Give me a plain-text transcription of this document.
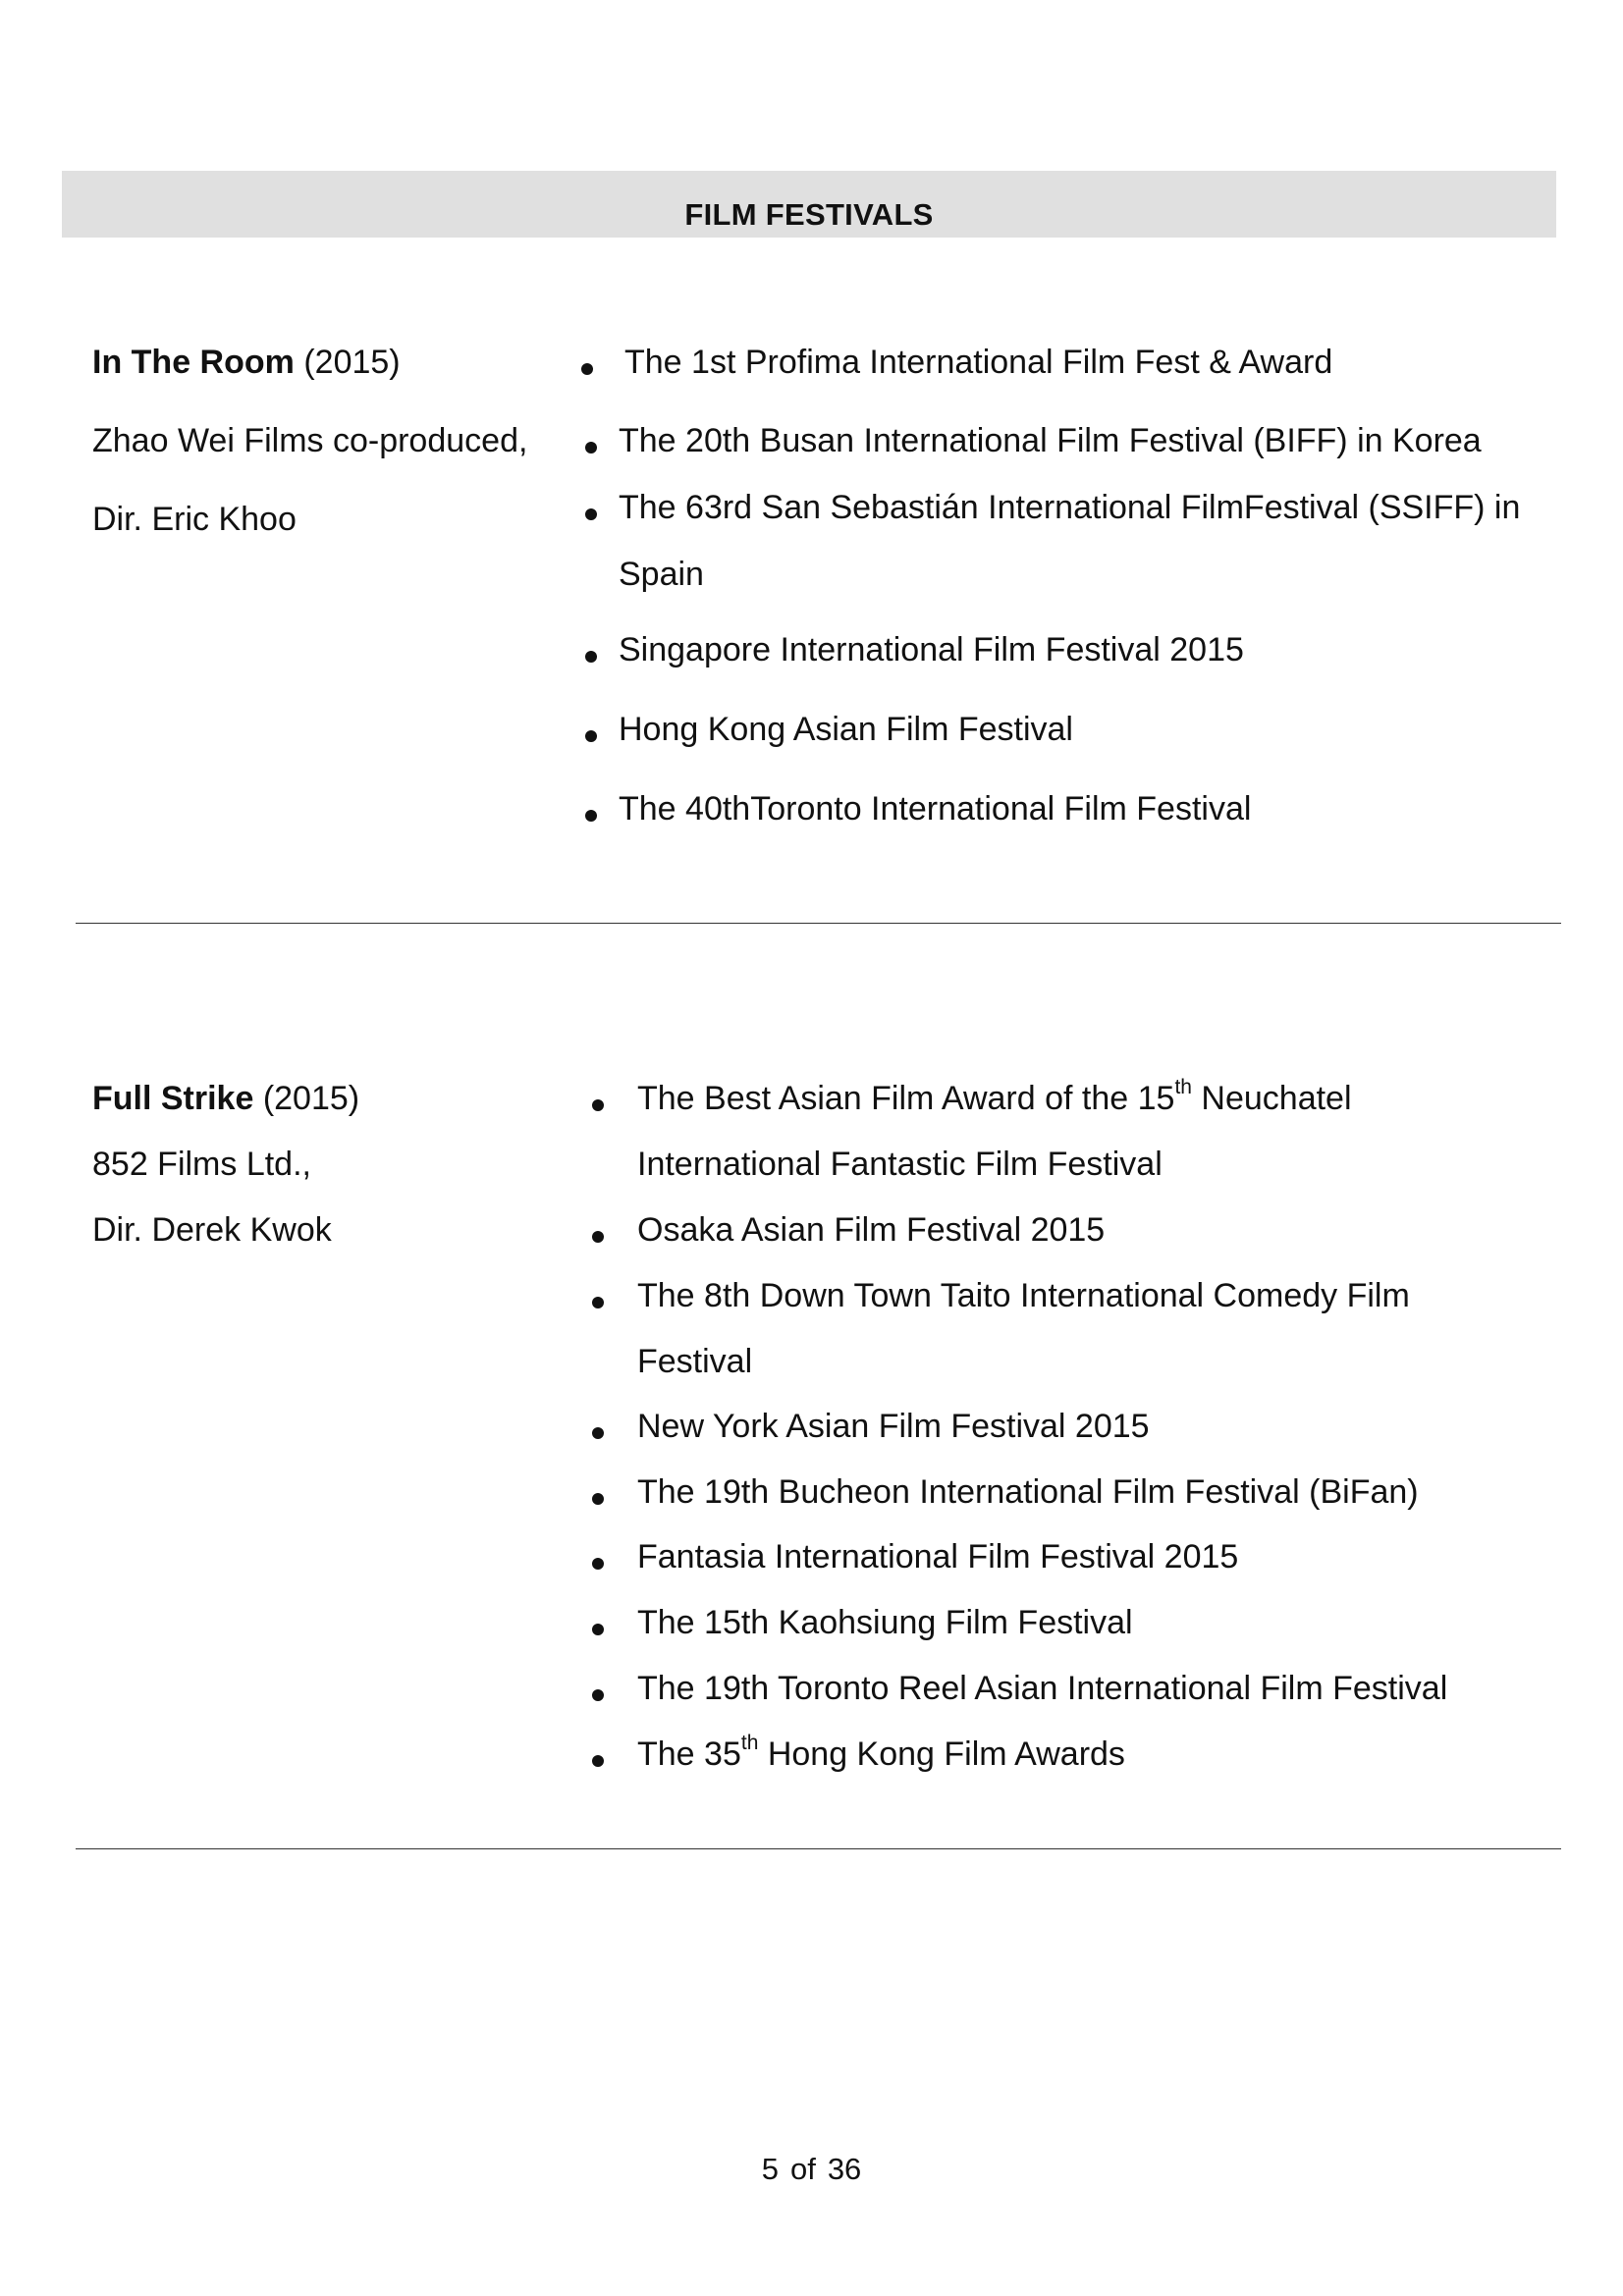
FILM FESTIVALS
In The Room (2015)
Zhao Wei Films co-produced,
Dir. Eric Khoo
The 1st Profima International Film Fest & Award
The 20th Busan International Film Festival (BIFF) in Korea
The 63rd San Sebastián International FilmFestival (SSIFF) in
Spain
Singapore International Film Festival 2015
Hong Kong Asian Film Festival
The 40thToronto International Film Festival
Full Strike (2015)
852 Films Ltd.,
Dir. Derek Kwok
The Best Asian Film Award of the 15th Neuchatel
International Fantastic Film Festival
Osaka Asian Film Festival 2015
The 8th Down Town Taito International Comedy Film
Festival
New York Asian Film Festival 2015
The 19th Bucheon International Film Festival (BiFan)
Fantasia International Film Festival 2015
The 15th Kaohsiung Film Festival
The 19th Toronto Reel Asian International Film Festival
The 35th Hong Kong Film Awards
5 of 36
